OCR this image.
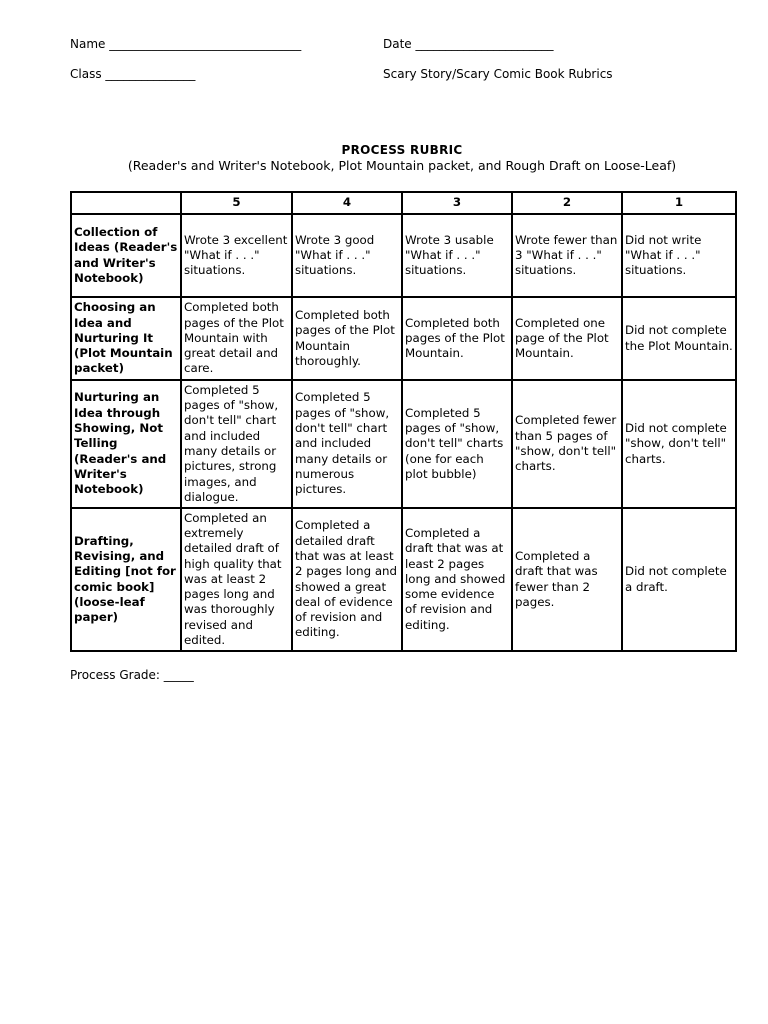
Name ________________________________	Date _______________________
Class _______________	Scary Story/Scary Comic Book Rubrics
PROCESS RUBRIC
(Reader's and Writer's Notebook, Plot Mountain packet, and Rough Draft on Loose-Leaf)
	5	4	3	2	1
Collection of Ideas (Reader's and Writer's Notebook)	Wrote 3 excellent "What if . . ." situations.	Wrote 3 good "What if . . ." situations.	Wrote 3 usable "What if . . ." situations.	Wrote fewer than 3 "What if . . ." situations.	Did not write "What if . . ." situations.
Choosing an Idea and Nurturing It (Plot Mountain packet)	Completed both pages of the Plot Mountain with great detail and care.	Completed both pages of the Plot Mountain thoroughly.	Completed both pages of the Plot Mountain.	Completed one page of the Plot Mountain.	Did not complete the Plot Mountain.
Nurturing an Idea through Showing, Not Telling (Reader's and Writer's Notebook)	Completed 5 pages of "show, don't tell" chart and included many details or pictures, strong images, and dialogue.	Completed 5 pages of "show, don't tell" chart and included many details or numerous pictures.	Completed 5 pages of "show, don't tell" charts (one for each plot bubble)	Completed fewer than 5 pages of "show, don't tell" charts.	Did not complete "show, don't tell" charts.
Drafting, Revising, and Editing [not for comic book] (loose-leaf paper)	Completed an extremely detailed draft of high quality that was at least 2 pages long and was thoroughly revised and edited.	Completed a detailed draft that was at least 2 pages long and showed a great deal of evidence of revision and editing.	Completed a draft that was at least 2 pages long and showed some evidence of revision and editing.	Completed a draft that was fewer than 2 pages.	Did not complete a draft.
Process Grade: _____
